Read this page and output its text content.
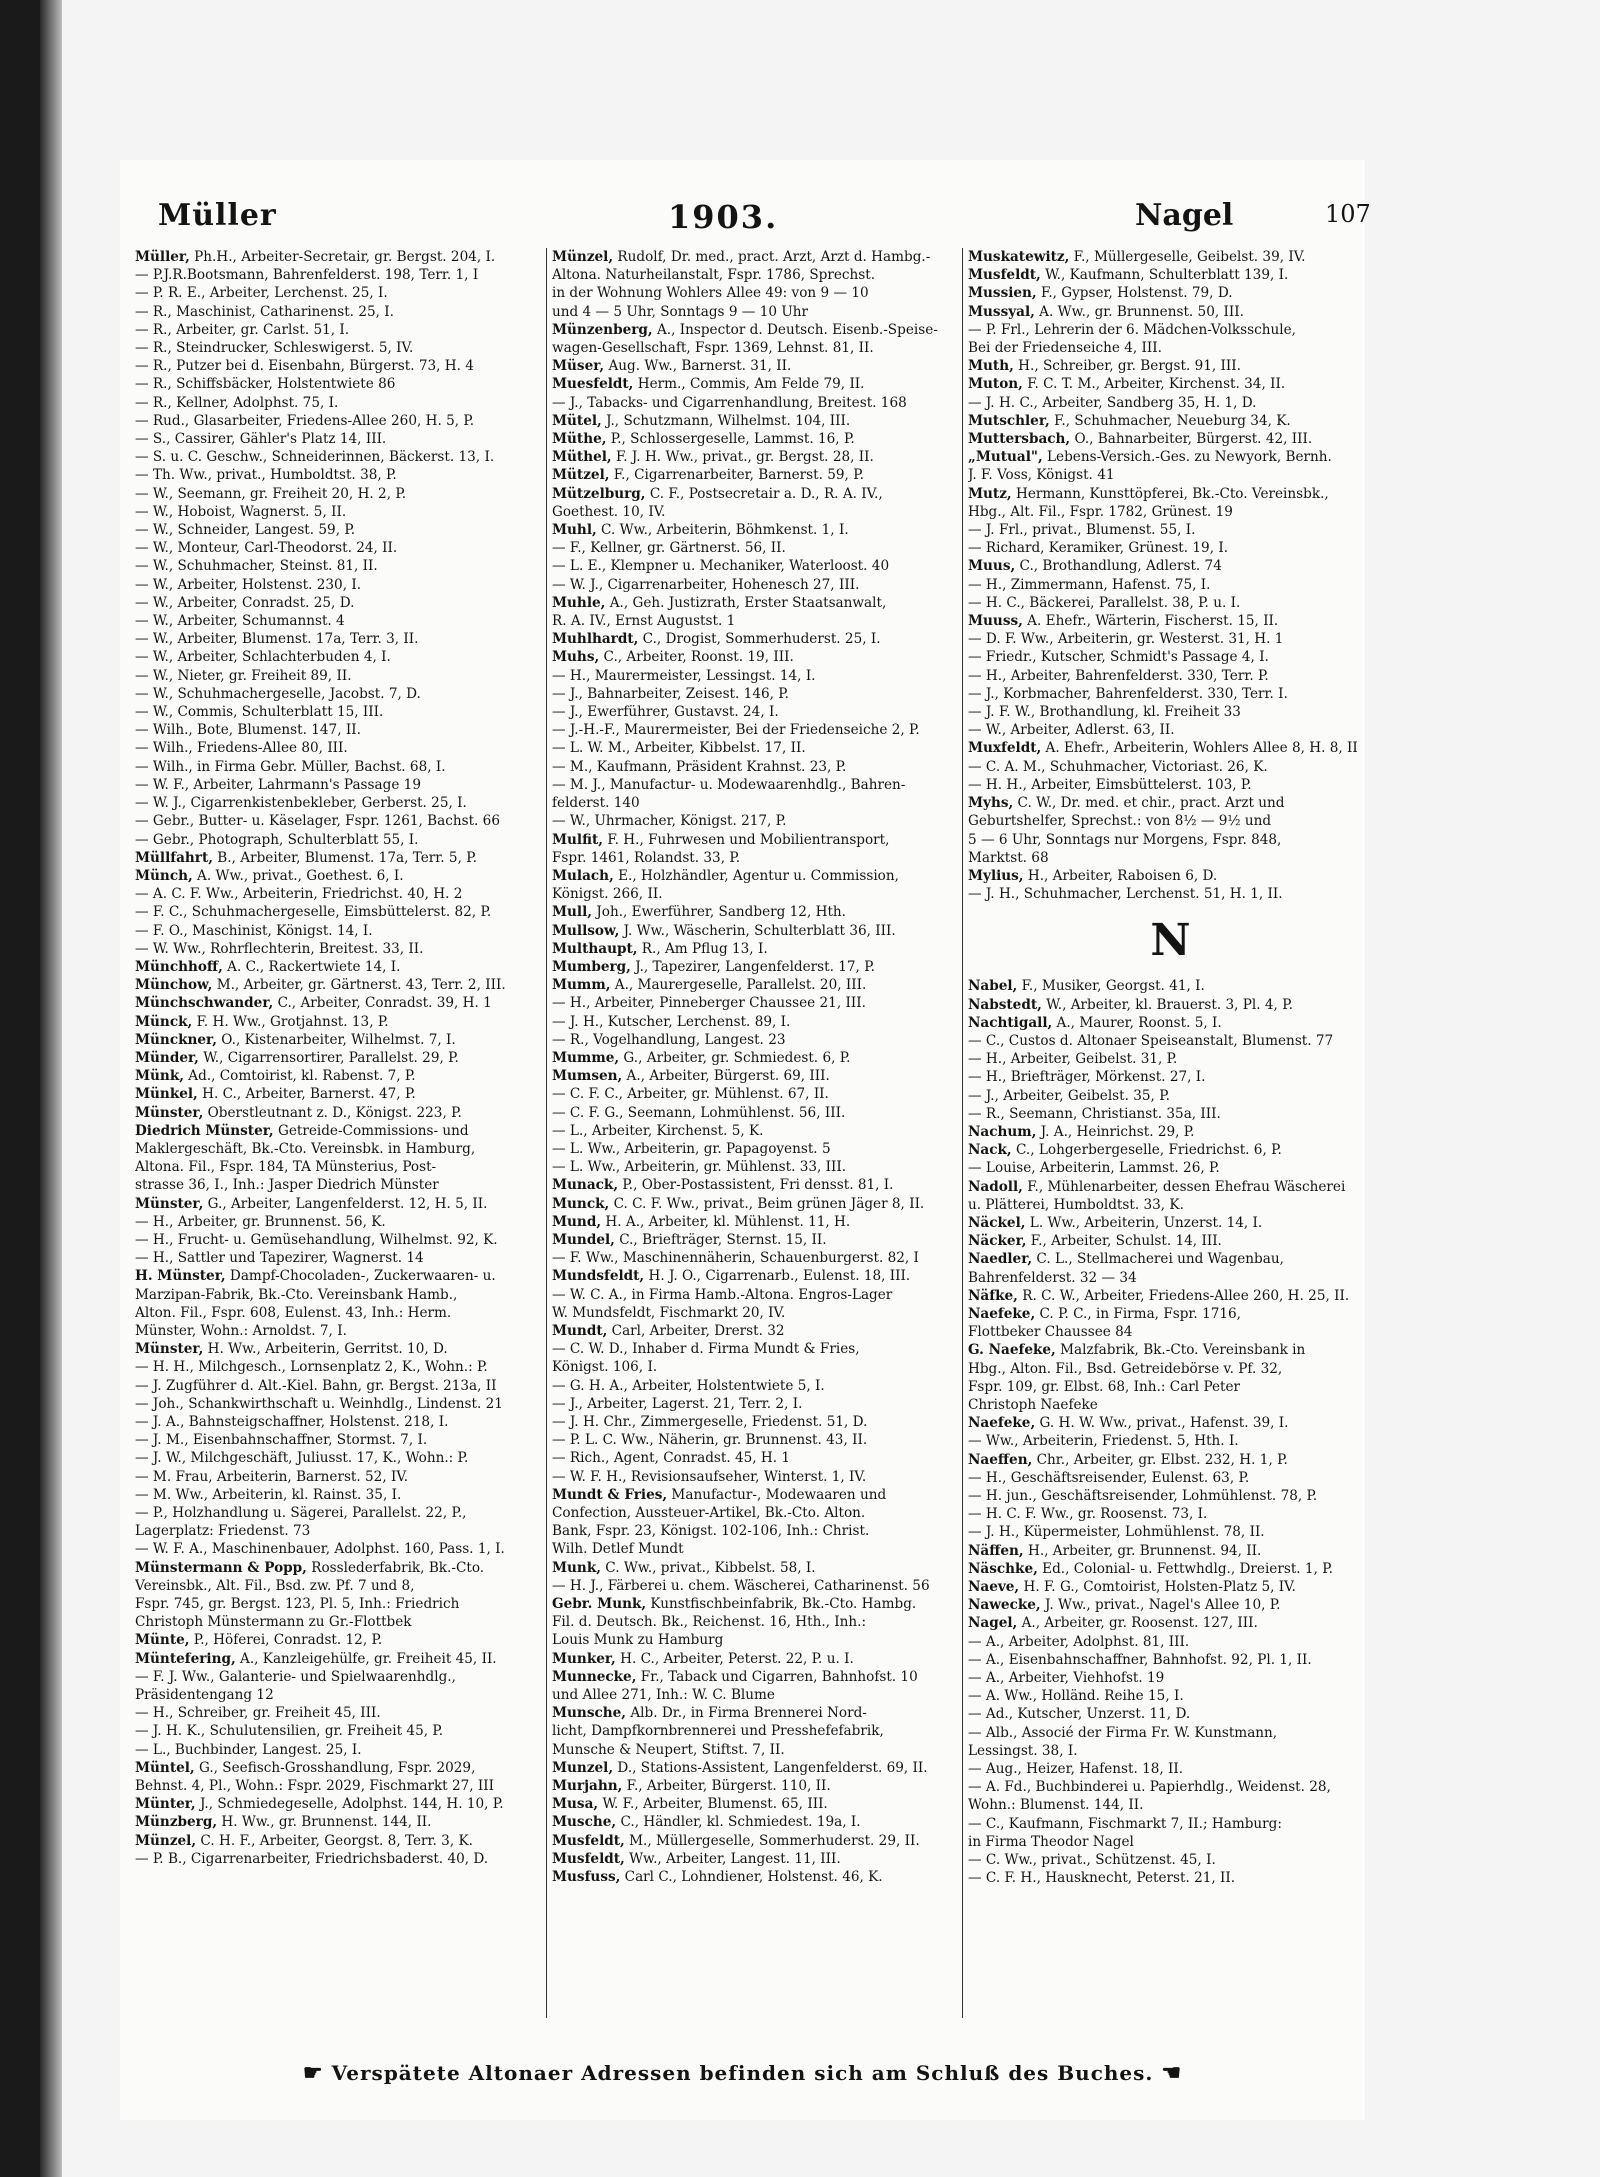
Müller	1903.	Nagel	107
Müller, Ph.H., Arbeiter-Secretair, gr. Bergst. 204, I.
— P.J.R.Bootsmann, Bahrenfelderst. 198, Terr. 1, I
— P. R. E., Arbeiter, Lerchenst. 25, I.
— R., Maschinist, Catharinenst. 25, I.
— R., Arbeiter, gr. Carlst. 51, I.
— R., Steindrucker, Schleswigerst. 5, IV.
— R., Putzer bei d. Eisenbahn, Bürgerst. 73, H. 4
— R., Schiffsbäcker, Holstentwiete 86
— R., Kellner, Adolphst. 75, I.
— Rud., Glasarbeiter, Friedens-Allee 260, H. 5, P.
— S., Cassirer, Gähler's Platz 14, III.
— S. u. C. Geschw., Schneiderinnen, Bäckerst. 13, I.
— Th. Ww., privat., Humboldtst. 38, P.
— W., Seemann, gr. Freiheit 20, H. 2, P.
— W., Hoboist, Wagnerst. 5, II.
— W., Schneider, Langest. 59, P.
— W., Monteur, Carl-Theodorst. 24, II.
— W., Schuhmacher, Steinst. 81, II.
— W., Arbeiter, Holstenst. 230, I.
— W., Arbeiter, Conradst. 25, D.
— W., Arbeiter, Schumannst. 4
— W., Arbeiter, Blumenst. 17a, Terr. 3, II.
— W., Arbeiter, Schlachterbuden 4, I.
— W., Nieter, gr. Freiheit 89, II.
— W., Schuhmachergeselle, Jacobst. 7, D.
— W., Commis, Schulterblatt 15, III.
— Wilh., Bote, Blumenst. 147, II.
— Wilh., Friedens-Allee 80, III.
— Wilh., in Firma Gebr. Müller, Bachst. 68, I.
— W. F., Arbeiter, Lahrmann's Passage 19
— W. J., Cigarrenkistenbekleber, Gerberst. 25, I.
— Gebr., Butter- u. Käselager, Fspr. 1261, Bachst. 66
— Gebr., Photograph, Schulterblatt 55, I.
Müllfahrt, B., Arbeiter, Blumenst. 17a, Terr. 5, P.
Münch, A. Ww., privat., Goethest. 6, I.
— A. C. F. Ww., Arbeiterin, Friedrichst. 40, H. 2
— F. C., Schuhmachergeselle, Eimsbüttelerst. 82, P.
— F. O., Maschinist, Königst. 14, I.
— W. Ww., Rohrflechterin, Breitest. 33, II.
Münchhoff, A. C., Rackertwiete 14, I.
Münchow, M., Arbeiter, gr. Gärtnerst. 43, Terr. 2, III.
Münchschwander, C., Arbeiter, Conradst. 39, H. 1
Münck, F. H. Ww., Grotjahnst. 13, P.
Münckner, O., Kistenarbeiter, Wilhelmst. 7, I.
Münder, W., Cigarrensortirer, Parallelst. 29, P.
Münk, Ad., Comtoirist, kl. Rabenst. 7, P.
Münkel, H. C., Arbeiter, Barnerst. 47, P.
Münster, Oberstleutnant z. D., Königst. 223, P.
Diedrich Münster, Getreide-Commissions- und
Maklergeschäft, Bk.-Cto. Vereinsbk. in Hamburg,
Altona. Fil., Fspr. 184, TA Münsterius, Post-
strasse 36, I., Inh.: Jasper Diedrich Münster
Münster, G., Arbeiter, Langenfelderst. 12, H. 5, II.
— H., Arbeiter, gr. Brunnenst. 56, K.
— H., Frucht- u. Gemüsehandlung, Wilhelmst. 92, K.
— H., Sattler und Tapezirer, Wagnerst. 14
H. Münster, Dampf-Chocoladen-, Zuckerwaaren- u.
Marzipan-Fabrik, Bk.-Cto. Vereinsbank Hamb.,
Alton. Fil., Fspr. 608, Eulenst. 43, Inh.: Herm.
Münster, Wohn.: Arnoldst. 7, I.
Münster, H. Ww., Arbeiterin, Gerritst. 10, D.
— H. H., Milchgesch., Lornsenplatz 2, K., Wohn.: P.
— J. Zugführer d. Alt.-Kiel. Bahn, gr. Bergst. 213a, II
— Joh., Schankwirthschaft u. Weinhdlg., Lindenst. 21
— J. A., Bahnsteigschaffner, Holstenst. 218, I.
— J. M., Eisenbahnschaffner, Stormst. 7, I.
— J. W., Milchgeschäft, Juliusst. 17, K., Wohn.: P.
— M. Frau, Arbeiterin, Barnerst. 52, IV.
— M. Ww., Arbeiterin, kl. Rainst. 35, I.
— P., Holzhandlung u. Sägerei, Parallelst. 22, P.,
Lagerplatz: Friedenst. 73
— W. F. A., Maschinenbauer, Adolphst. 160, Pass. 1, I.
Münstermann & Popp, Rosslederfabrik, Bk.-Cto.
Vereinsbk., Alt. Fil., Bsd. zw. Pf. 7 und 8,
Fspr. 745, gr. Bergst. 123, Pl. 5, Inh.: Friedrich
Christoph Münstermann zu Gr.-Flottbek
Münte, P., Höferei, Conradst. 12, P.
Müntefering, A., Kanzleigehülfe, gr. Freiheit 45, II.
— F. J. Ww., Galanterie- und Spielwaarenhdlg.,
Präsidentengang 12
— H., Schreiber, gr. Freiheit 45, III.
— J. H. K., Schulutensilien, gr. Freiheit 45, P.
— L., Buchbinder, Langest. 25, I.
Müntel, G., Seefisch-Grosshandlung, Fspr. 2029,
Behnst. 4, Pl., Wohn.: Fspr. 2029, Fischmarkt 27, III
Münter, J., Schmiedegeselle, Adolphst. 144, H. 10, P.
Münzberg, H. Ww., gr. Brunnenst. 144, II.
Münzel, C. H. F., Arbeiter, Georgst. 8, Terr. 3, K.
— P. B., Cigarrenarbeiter, Friedrichsbaderst. 40, D.
Münzel, Rudolf, Dr. med., pract. Arzt, Arzt d. Hambg.-
Altona. Naturheilanstalt, Fspr. 1786, Sprechst.
in der Wohnung Wohlers Allee 49: von 9 — 10
und 4 — 5 Uhr, Sonntags 9 — 10 Uhr
Münzenberg, A., Inspector d. Deutsch. Eisenb.-Speise-
wagen-Gesellschaft, Fspr. 1369, Lehnst. 81, II.
Müser, Aug. Ww., Barnerst. 31, II.
Muesfeldt, Herm., Commis, Am Felde 79, II.
— J., Tabacks- und Cigarrenhandlung, Breitest. 168
Mütel, J., Schutzmann, Wilhelmst. 104, III.
Müthe, P., Schlossergeselle, Lammst. 16, P.
Müthel, F. J. H. Ww., privat., gr. Bergst. 28, II.
Mützel, F., Cigarrenarbeiter, Barnerst. 59, P.
Mützelburg, C. F., Postsecretair a. D., R. A. IV.,
Goethest. 10, IV.
Muhl, C. Ww., Arbeiterin, Böhmkenst. 1, I.
— F., Kellner, gr. Gärtnerst. 56, II.
— L. E., Klempner u. Mechaniker, Waterloost. 40
— W. J., Cigarrenarbeiter, Hohenesch 27, III.
Muhle, A., Geh. Justizrath, Erster Staatsanwalt,
R. A. IV., Ernst Augustst. 1
Muhlhardt, C., Drogist, Sommerhuderst. 25, I.
Muhs, C., Arbeiter, Roonst. 19, III.
— H., Maurermeister, Lessingst. 14, I.
— J., Bahnarbeiter, Zeisest. 146, P.
— J., Ewerführer, Gustavst. 24, I.
— J.-H.-F., Maurermeister, Bei der Friedenseiche 2, P.
— L. W. M., Arbeiter, Kibbelst. 17, II.
— M., Kaufmann, Präsident Krahnst. 23, P.
— M. J., Manufactur- u. Modewaarenhdlg., Bahren-
felderst. 140
— W., Uhrmacher, Königst. 217, P.
Mulfit, F. H., Fuhrwesen und Mobilientransport,
Fspr. 1461, Rolandst. 33, P.
Mulach, E., Holzhändler, Agentur u. Commission,
Königst. 266, II.
Mull, Joh., Ewerführer, Sandberg 12, Hth.
Mullsow, J. Ww., Wäscherin, Schulterblatt 36, III.
Multhaupt, R., Am Pflug 13, I.
Mumberg, J., Tapezirer, Langenfelderst. 17, P.
Mumm, A., Maurergeselle, Parallelst. 20, III.
— H., Arbeiter, Pinneberger Chaussee 21, III.
— J. H., Kutscher, Lerchenst. 89, I.
— R., Vogelhandlung, Langest. 23
Mumme, G., Arbeiter, gr. Schmiedest. 6, P.
Mumsen, A., Arbeiter, Bürgerst. 69, III.
— C. F. C., Arbeiter, gr. Mühlenst. 67, II.
— C. F. G., Seemann, Lohmühlenst. 56, III.
— L., Arbeiter, Kirchenst. 5, K.
— L. Ww., Arbeiterin, gr. Papagoyenst. 5
— L. Ww., Arbeiterin, gr. Mühlenst. 33, III.
Munack, P., Ober-Postassistent, Fri densst. 81, I.
Munck, C. C. F. Ww., privat., Beim grünen Jäger 8, II.
Mund, H. A., Arbeiter, kl. Mühlenst. 11, H.
Mundel, C., Briefträger, Sternst. 15, II.
— F. Ww., Maschinennäherin, Schauenburgerst. 82, I
Mundsfeldt, H. J. O., Cigarrenarb., Eulenst. 18, III.
— W. C. A., in Firma Hamb.-Altona. Engros-Lager
W. Mundsfeldt, Fischmarkt 20, IV.
Mundt, Carl, Arbeiter, Drerst. 32
— C. W. D., Inhaber d. Firma Mundt & Fries,
Königst. 106, I.
— G. H. A., Arbeiter, Holstentwiete 5, I.
— J., Arbeiter, Lagerst. 21, Terr. 2, I.
— J. H. Chr., Zimmergeselle, Friedenst. 51, D.
— P. L. C. Ww., Näherin, gr. Brunnenst. 43, II.
— Rich., Agent, Conradst. 45, H. 1
— W. F. H., Revisionsaufseher, Winterst. 1, IV.
Mundt & Fries, Manufactur-, Modewaaren und
Confection, Aussteuer-Artikel, Bk.-Cto. Alton.
Bank, Fspr. 23, Königst. 102-106, Inh.: Christ.
Wilh. Detlef Mundt
Munk, C. Ww., privat., Kibbelst. 58, I.
— H. J., Färberei u. chem. Wäscherei, Catharinenst. 56
Gebr. Munk, Kunstfischbeinfabrik, Bk.-Cto. Hambg.
Fil. d. Deutsch. Bk., Reichenst. 16, Hth., Inh.:
Louis Munk zu Hamburg
Munker, H. C., Arbeiter, Peterst. 22, P. u. I.
Munnecke, Fr., Taback und Cigarren, Bahnhofst. 10
und Allee 271, Inh.: W. C. Blume
Munsche, Alb. Dr., in Firma Brennerei Nord-
licht, Dampfkornbrennerei und Presshefefabrik,
Munsche & Neupert, Stiftst. 7, II.
Munzel, D., Stations-Assistent, Langenfelderst. 69, II.
Murjahn, F., Arbeiter, Bürgerst. 110, II.
Musa, W. F., Arbeiter, Blumenst. 65, III.
Musche, C., Händler, kl. Schmiedest. 19a, I.
Musfeldt, M., Müllergeselle, Sommerhuderst. 29, II.
Musfeldt, Ww., Arbeiter, Langest. 11, III.
Musfuss, Carl C., Lohndiener, Holstenst. 46, K.
Muskatewitz, F., Müllergeselle, Geibelst. 39, IV.
Musfeldt, W., Kaufmann, Schulterblatt 139, I.
Mussien, F., Gypser, Holstenst. 79, D.
Mussyal, A. Ww., gr. Brunnenst. 50, III.
— P. Frl., Lehrerin der 6. Mädchen-Volksschule,
Bei der Friedenseiche 4, III.
Muth, H., Schreiber, gr. Bergst. 91, III.
Muton, F. C. T. M., Arbeiter, Kirchenst. 34, II.
— J. H. C., Arbeiter, Sandberg 35, H. 1, D.
Mutschler, F., Schuhmacher, Neueburg 34, K.
Muttersbach, O., Bahnarbeiter, Bürgerst. 42, III.
„Mutual", Lebens-Versich.-Ges. zu Newyork, Bernh.
J. F. Voss, Königst. 41
Mutz, Hermann, Kunsttöpferei, Bk.-Cto. Vereinsbk.,
Hbg., Alt. Fil., Fspr. 1782, Grünest. 19
— J. Frl., privat., Blumenst. 55, I.
— Richard, Keramiker, Grünest. 19, I.
Muus, C., Brothandlung, Adlerst. 74
— H., Zimmermann, Hafenst. 75, I.
— H. C., Bäckerei, Parallelst. 38, P. u. I.
Muuss, A. Ehefr., Wärterin, Fischerst. 15, II.
— D. F. Ww., Arbeiterin, gr. Westerst. 31, H. 1
— Friedr., Kutscher, Schmidt's Passage 4, I.
— H., Arbeiter, Bahrenfelderst. 330, Terr. P.
— J., Korbmacher, Bahrenfelderst. 330, Terr. I.
— J. F. W., Brothandlung, kl. Freiheit 33
— W., Arbeiter, Adlerst. 63, II.
Muxfeldt, A. Ehefr., Arbeiterin, Wohlers Allee 8, H. 8, II
— C. A. M., Schuhmacher, Victoriast. 26, K.
— H. H., Arbeiter, Eimsbüttelerst. 103, P.
Myhs, C. W., Dr. med. et chir., pract. Arzt und
Geburtshelfer, Sprechst.: von 8½ — 9½ und
5 — 6 Uhr, Sonntags nur Morgens, Fspr. 848,
Marktst. 68
Mylius, H., Arbeiter, Raboisen 6, D.
— J. H., Schuhmacher, Lerchenst. 51, H. 1, II.
N
Nabel, F., Musiker, Georgst. 41, I.
Nabstedt, W., Arbeiter, kl. Brauerst. 3, Pl. 4, P.
Nachtigall, A., Maurer, Roonst. 5, I.
— C., Custos d. Altonaer Speiseanstalt, Blumenst. 77
— H., Arbeiter, Geibelst. 31, P.
— H., Briefträger, Mörkenst. 27, I.
— J., Arbeiter, Geibelst. 35, P.
— R., Seemann, Christianst. 35a, III.
Nachum, J. A., Heinrichst. 29, P.
Nack, C., Lohgerbergeselle, Friedrichst. 6, P.
— Louise, Arbeiterin, Lammst. 26, P.
Nadoll, F., Mühlenarbeiter, dessen Ehefrau Wäscherei
u. Plätterei, Humboldtst. 33, K.
Näckel, L. Ww., Arbeiterin, Unzerst. 14, I.
Näcker, F., Arbeiter, Schulst. 14, III.
Naedler, C. L., Stellmacherei und Wagenbau,
Bahrenfelderst. 32 — 34
Näfke, R. C. W., Arbeiter, Friedens-Allee 260, H. 25, II.
Naefeke, C. P. C., in Firma, Fspr. 1716,
Flottbeker Chaussee 84
G. Naefeke, Malzfabrik, Bk.-Cto. Vereinsbank in
Hbg., Alton. Fil., Bsd. Getreidebörse v. Pf. 32,
Fspr. 109, gr. Elbst. 68, Inh.: Carl Peter
Christoph Naefeke
Naefeke, G. H. W. Ww., privat., Hafenst. 39, I.
— Ww., Arbeiterin, Friedenst. 5, Hth. I.
Naeffen, Chr., Arbeiter, gr. Elbst. 232, H. 1, P.
— H., Geschäftsreisender, Eulenst. 63, P.
— H. jun., Geschäftsreisender, Lohmühlenst. 78, P.
— H. C. F. Ww., gr. Roosenst. 73, I.
— J. H., Küpermeister, Lohmühlenst. 78, II.
Näffen, H., Arbeiter, gr. Brunnenst. 94, II.
Näschke, Ed., Colonial- u. Fettwhdlg., Dreierst. 1, P.
Naeve, H. F. G., Comtoirist, Holsten-Platz 5, IV.
Nawecke, J. Ww., privat., Nagel's Allee 10, P.
Nagel, A., Arbeiter, gr. Roosenst. 127, III.
— A., Arbeiter, Adolphst. 81, III.
— A., Eisenbahnschaffner, Bahnhofst. 92, Pl. 1, II.
— A., Arbeiter, Viehhofst. 19
— A. Ww., Holländ. Reihe 15, I.
— Ad., Kutscher, Unzerst. 11, D.
— Alb., Associé der Firma Fr. W. Kunstmann,
Lessingst. 38, I.
— Aug., Heizer, Hafenst. 18, II.
— A. Fd., Buchbinderei u. Papierhdlg., Weidenst. 28,
Wohn.: Blumenst. 144, II.
— C., Kaufmann, Fischmarkt 7, II.; Hamburg:
in Firma Theodor Nagel
— C. Ww., privat., Schützenst. 45, I.
— C. F. H., Hausknecht, Peterst. 21, II.
☛ Verspätete Altonaer Adressen befinden sich am Schluß des Buches. ☚
